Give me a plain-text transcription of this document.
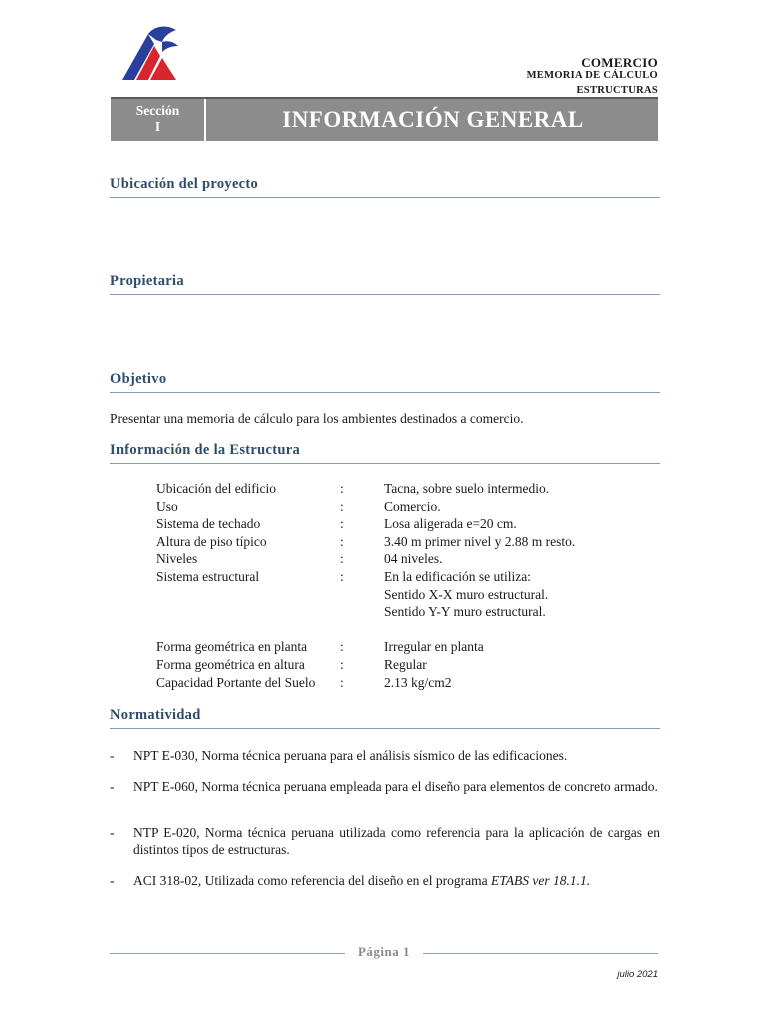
COMERCIO
MEMORIA DE CÁLCULO
ESTRUCTURAS
Sección
I	INFORMACIÓN GENERAL
Ubicación del proyecto
Propietaria
Objetivo
Presentar una memoria de cálculo para los ambientes destinados a comercio.
Información de la Estructura
Ubicación del edificio	:	Tacna, sobre suelo intermedio.
Uso	:	Comercio.
Sistema de techado	:	Losa aligerada e=20 cm.
Altura de piso típico	:	3.40 m primer nivel y 2.88 m resto.
Niveles	:	04 niveles.
Sistema estructural	:	En la edificación se utiliza:
Sentido X-X muro estructural.
Sentido Y-Y muro estructural.
Forma geométrica en planta :	Irregular en planta
Forma geométrica en altura	:	Regular
Capacidad Portante del Suelo :	2.13 kg/cm2
Normatividad
- NPT E-030, Norma técnica peruana para el análisis sísmico de las edificaciones.
- NPT E-060, Norma técnica peruana empleada para el diseño para elementos de concreto armado.
- NTP E-020, Norma técnica peruana utilizada como referencia para la aplicación de cargas en distintos tipos de estructuras.
- ACI 318-02, Utilizada como referencia del diseño en el programa ETABS ver 18.1.1.
Página 1
julio 2021
